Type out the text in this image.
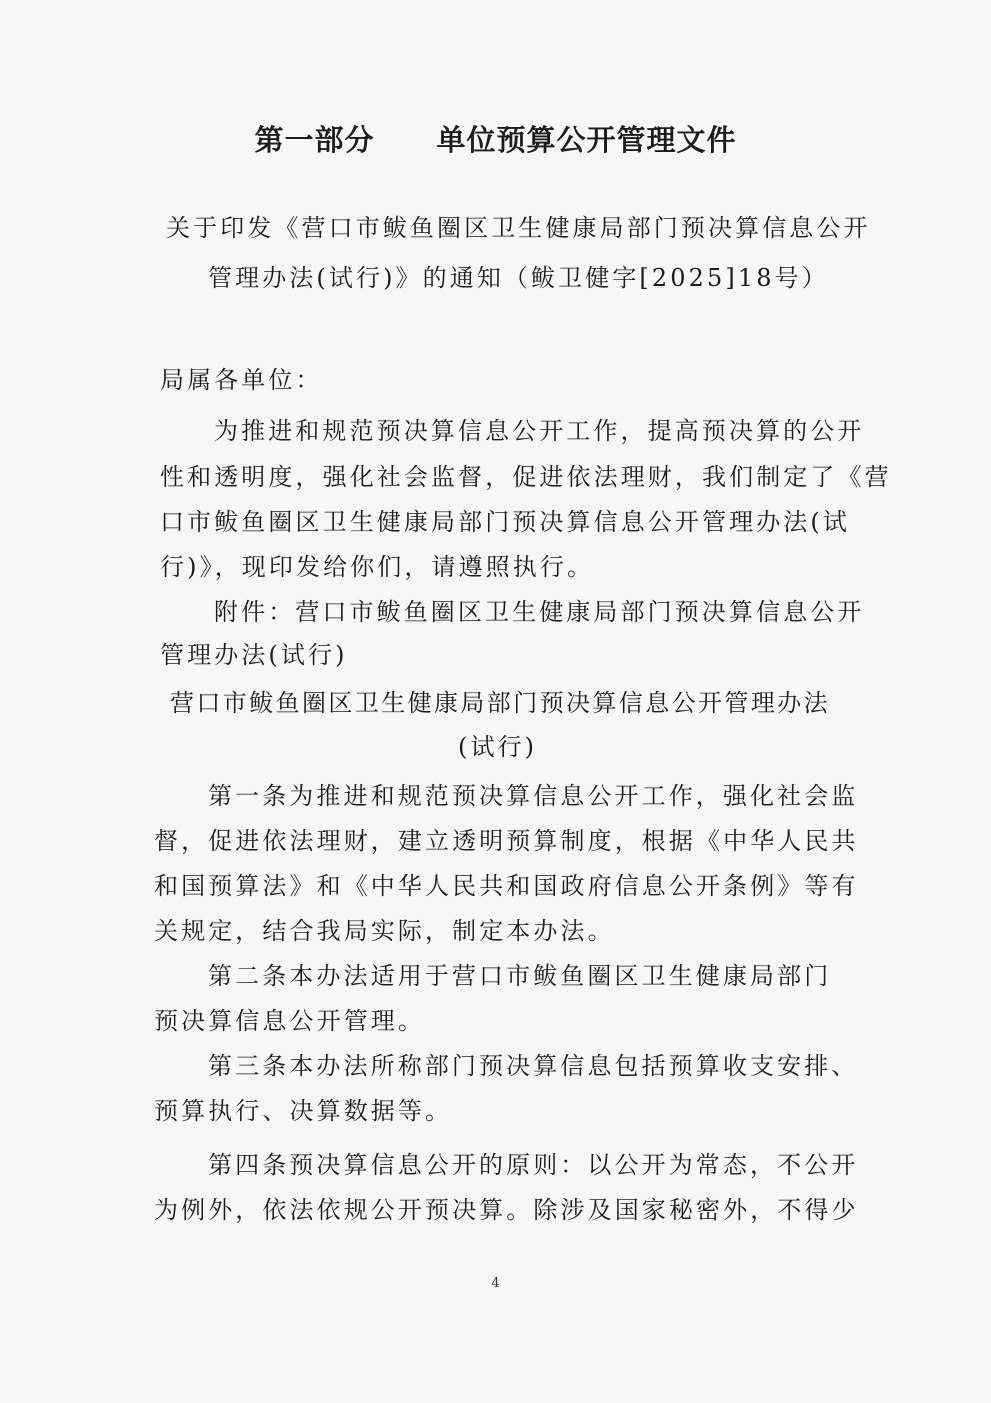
第一部分 单位预算公开管理文件

关于印发《营口市鲅鱼圈区卫生健康局部门预决算信息公开

管理办法(试行)》的通知（鲅卫健字[2025]18号）

局属各单位：

为推进和规范预决算信息公开工作，提高预决算的公开

性和透明度，强化社会监督，促进依法理财，我们制定了《营

口市鲅鱼圈区卫生健康局部门预决算信息公开管理办法(试

行)》，现印发给你们，请遵照执行。

附件：营口市鲅鱼圈区卫生健康局部门预决算信息公开

管理办法(试行)

营口市鲅鱼圈区卫生健康局部门预决算信息公开管理办法

(试行)

第一条为推进和规范预决算信息公开工作，强化社会监

督，促进依法理财，建立透明预算制度，根据《中华人民共

和国预算法》和《中华人民共和国政府信息公开条例》等有

关规定，结合我局实际，制定本办法。

第二条本办法适用于营口市鲅鱼圈区卫生健康局部门

预决算信息公开管理。

第三条本办法所称部门预决算信息包括预算收支安排、

预算执行、决算数据等。

第四条预决算信息公开的原则：以公开为常态，不公开

为例外，依法依规公开预决算。除涉及国家秘密外，不得少

4
